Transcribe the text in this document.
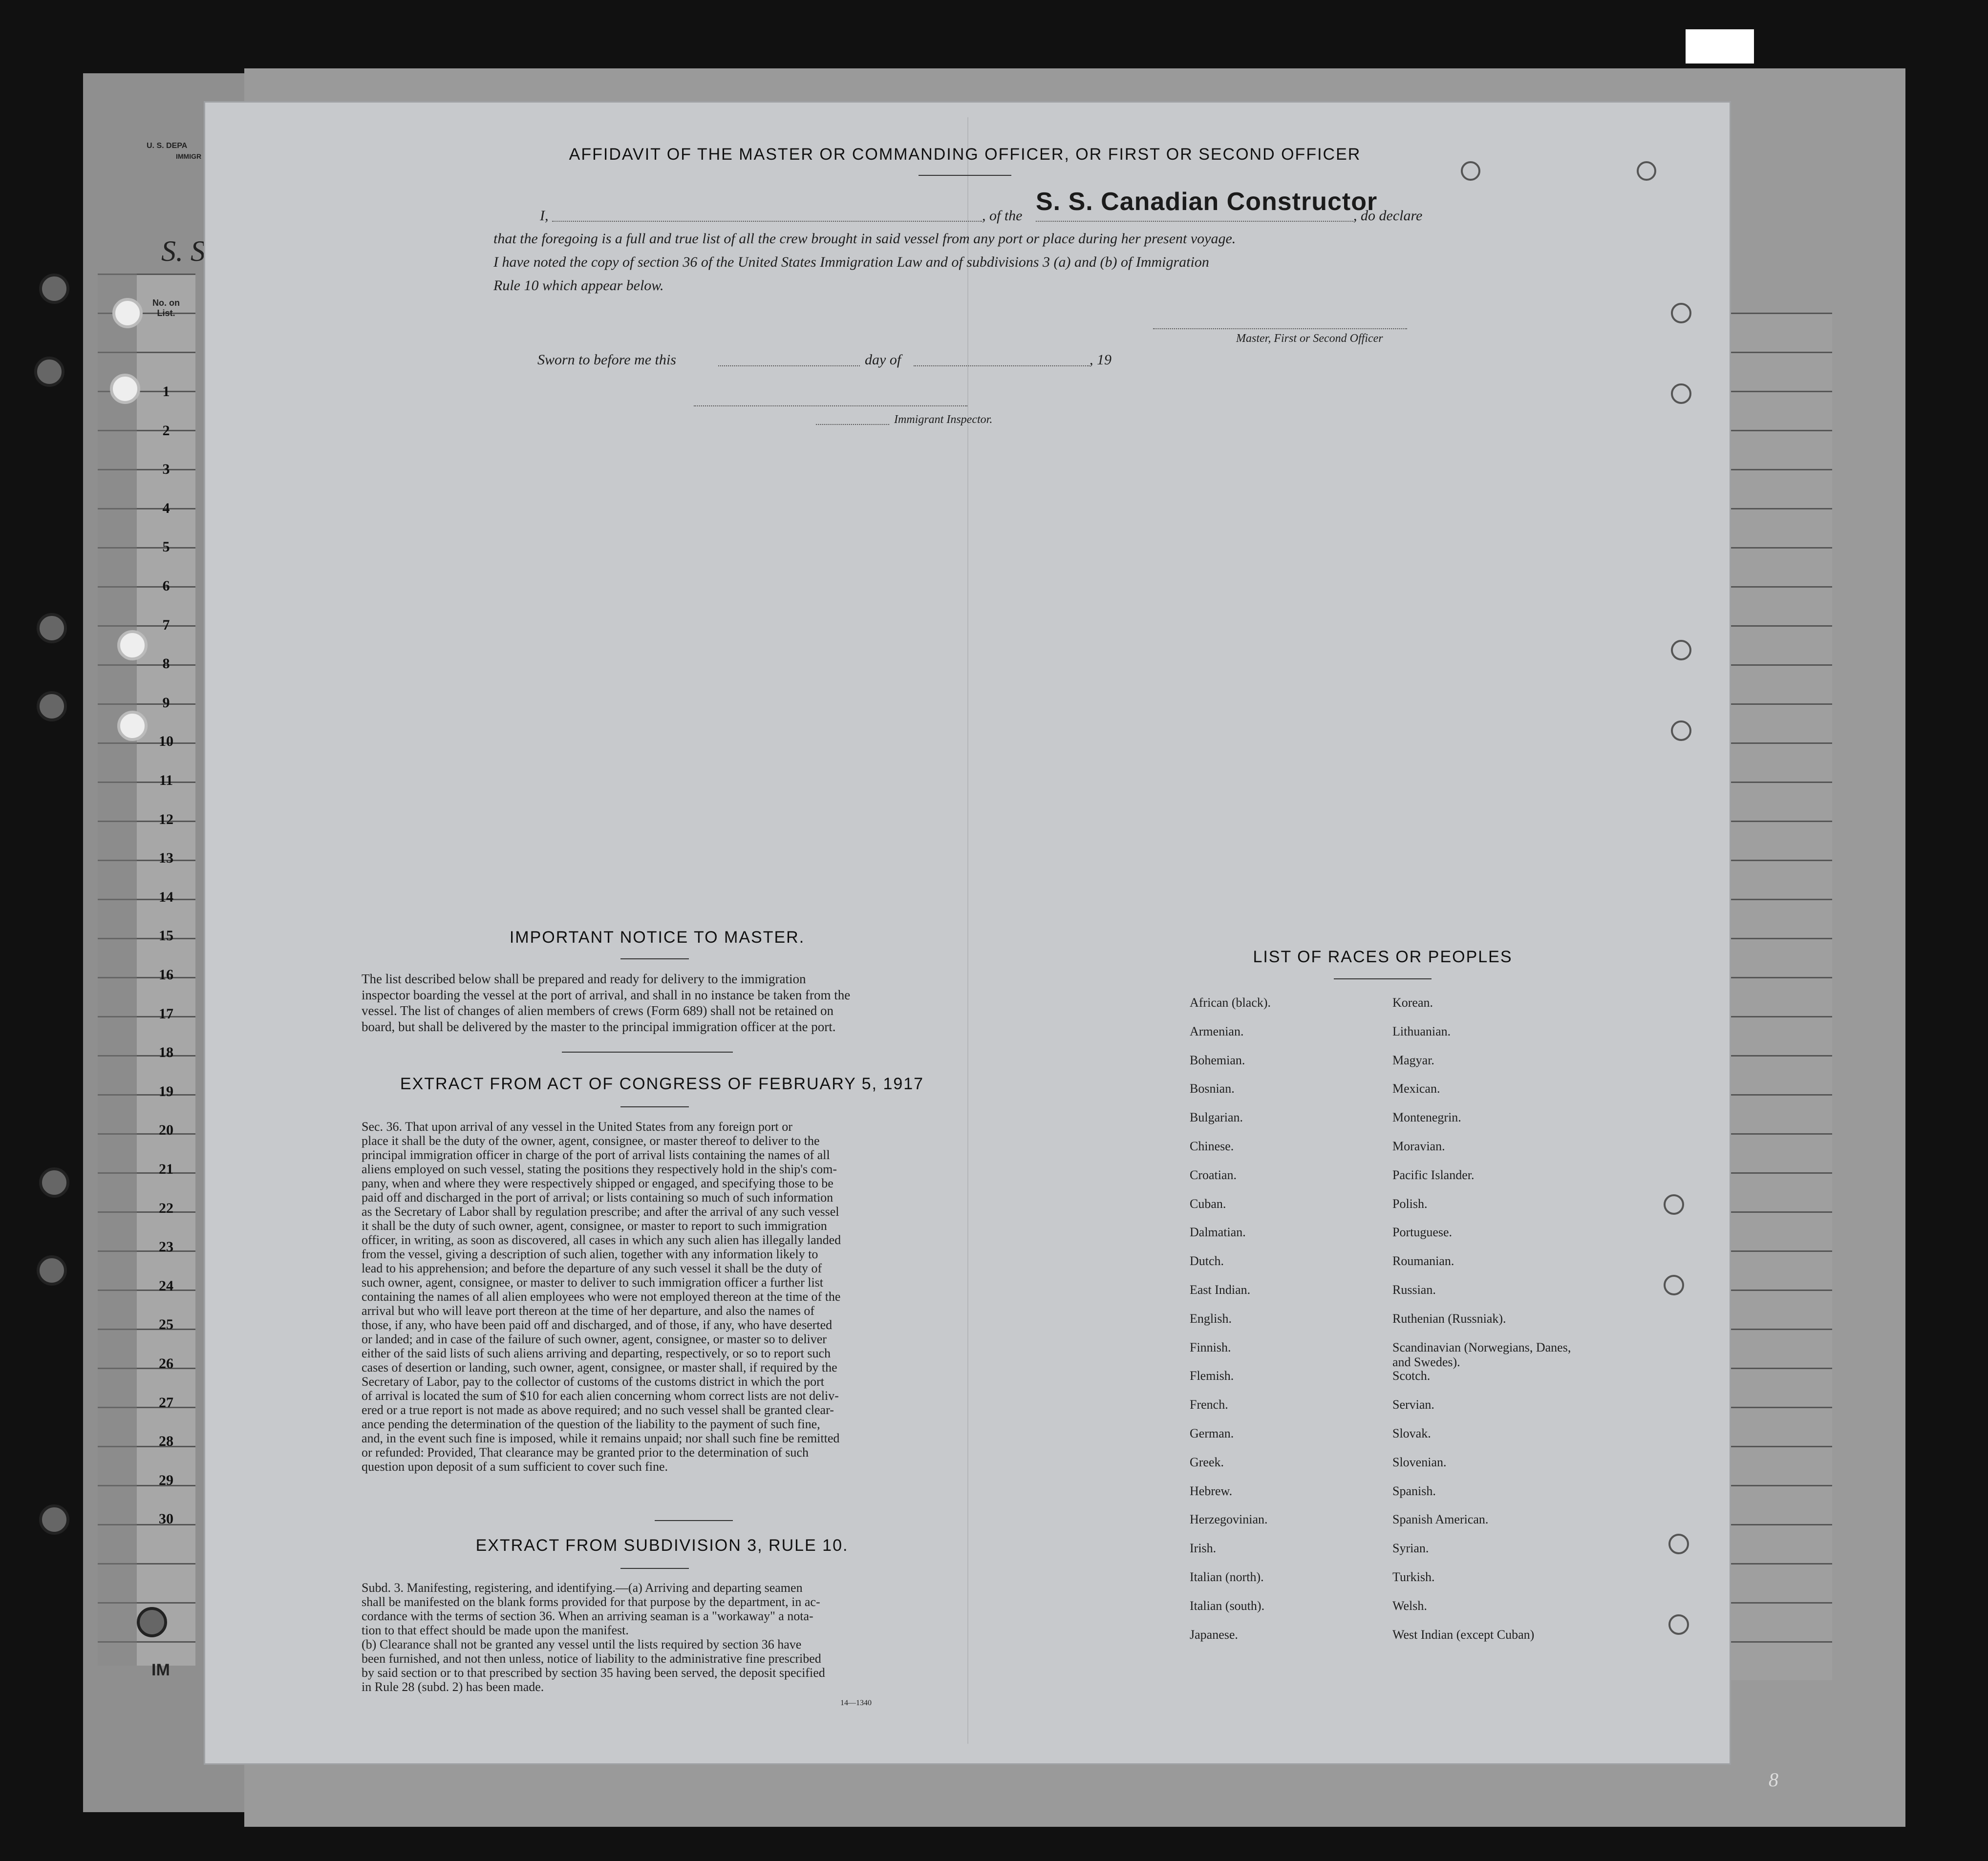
U. S. DEPA
IMMIGR
S. S
No. on List.
IM
1
2
3
4
5
6
7
8
9
10
11
12
13
14
15
16
17
18
19
20
21
22
23
24
25
26
27
28
29
30
AFFIDAVIT OF THE MASTER OR COMMANDING OFFICER, OR FIRST OR SECOND OFFICER
I,	, of the S. S. Canadian Constructor
, do declare
that the foregoing is a full and true list of all the crew brought in said vessel from any port or place during her present voyage.
I have noted the copy of section 36 of the United States Immigration Law and of subdivisions 3 (a) and (b) of Immigration
Rule 10 which appear below.
Master, First or Second Officer
Sworn to before me this	day of	, 19
Immigrant Inspector.
IMPORTANT NOTICE TO MASTER.
The list described below shall be prepared and ready for delivery to the immigration
inspector boarding the vessel at the port of arrival, and shall in no instance be taken from the
vessel. The list of changes of alien members of crews (Form 689) shall not be retained on
board, but shall be delivered by the master to the principal immigration officer at the port.
EXTRACT FROM ACT OF CONGRESS OF FEBRUARY 5, 1917
Sec. 36. That upon arrival of any vessel in the United States from any foreign port or
place it shall be the duty of the owner, agent, consignee, or master thereof to deliver to the
principal immigration officer in charge of the port of arrival lists containing the names of all
aliens employed on such vessel, stating the positions they respectively hold in the ship's com-
pany, when and where they were respectively shipped or engaged, and specifying those to be
paid off and discharged in the port of arrival; or lists containing so much of such information
as the Secretary of Labor shall by regulation prescribe; and after the arrival of any such vessel
it shall be the duty of such owner, agent, consignee, or master to report to such immigration
officer, in writing, as soon as discovered, all cases in which any such alien has illegally landed
from the vessel, giving a description of such alien, together with any information likely to
lead to his apprehension; and before the departure of any such vessel it shall be the duty of
such owner, agent, consignee, or master to deliver to such immigration officer a further list
containing the names of all alien employees who were not employed thereon at the time of the
arrival but who will leave port thereon at the time of her departure, and also the names of
those, if any, who have been paid off and discharged, and of those, if any, who have deserted
or landed; and in case of the failure of such owner, agent, consignee, or master so to deliver
either of the said lists of such aliens arriving and departing, respectively, or so to report such
cases of desertion or landing, such owner, agent, consignee, or master shall, if required by the
Secretary of Labor, pay to the collector of customs of the customs district in which the port
of arrival is located the sum of $10 for each alien concerning whom correct lists are not deliv-
ered or a true report is not made as above required; and no such vessel shall be granted clear-
ance pending the determination of the question of the liability to the payment of such fine,
and, in the event such fine is imposed, while it remains unpaid; nor shall such fine be remitted
or refunded: Provided, That clearance may be granted prior to the determination of such
question upon deposit of a sum sufficient to cover such fine.
EXTRACT FROM SUBDIVISION 3, RULE 10.
Subd. 3. Manifesting, registering, and identifying.—(a) Arriving and departing seamen
shall be manifested on the blank forms provided for that purpose by the department, in ac-
cordance with the terms of section 36. When an arriving seaman is a "workaway" a nota-
tion to that effect should be made upon the manifest.
(b) Clearance shall not be granted any vessel until the lists required by section 36 have
been furnished, and not then unless, notice of liability to the administrative fine prescribed
by said section or to that prescribed by section 35 having been served, the deposit specified
in Rule 28 (subd. 2) has been made.
14—1340
LIST OF RACES OR PEOPLES
African (black).
Armenian.
Bohemian.
Bosnian.
Bulgarian.
Chinese.
Croatian.
Cuban.
Dalmatian.
Dutch.
East Indian.
English.
Finnish.
Flemish.
French.
German.
Greek.
Hebrew.
Herzegovinian.
Irish.
Italian (north).
Italian (south).
Japanese.
Korean.
Lithuanian.
Magyar.
Mexican.
Montenegrin.
Moravian.
Pacific Islander.
Polish.
Portuguese.
Roumanian.
Russian.
Ruthenian (Russniak).
Scandinavian (Norwegians, Danes, and Swedes).
Scotch.
Servian.
Slovak.
Slovenian.
Spanish.
Spanish American.
Syrian.
Turkish.
Welsh.
West Indian (except Cuban)
8
